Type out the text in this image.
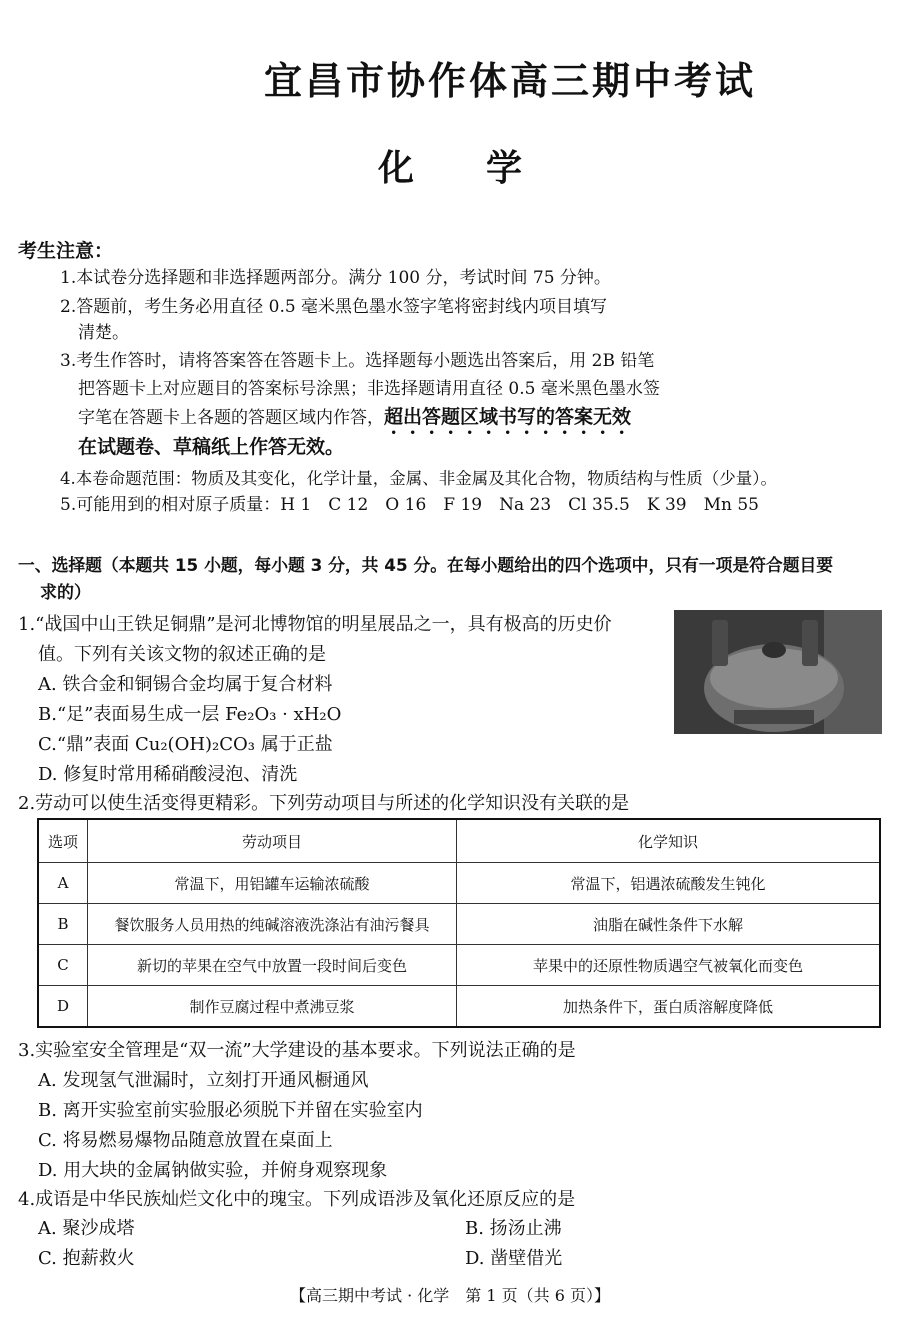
宜昌市协作体高三期中考试
化 学
考生注意：
1.本试卷分选择题和非选择题两部分。满分 100 分，考试时间 75 分钟。
2.答题前，考生务必用直径 0.5 毫米黑色墨水签字笔将密封线内项目填写
清楚。
3.考生作答时，请将答案答在答题卡上。选择题每小题选出答案后，用 2B 铅笔
把答题卡上对应题目的答案标号涂黑；非选择题请用直径 0.5 毫米黑色墨水签
字笔在答题卡上各题的答题区域内作答，超出答题区域书写的答案无效
在试题卷、草稿纸上作答无效。
4.本卷命题范围：物质及其变化，化学计量，金属、非金属及其化合物，物质结构与性质（少量）。
5.可能用到的相对原子质量：H 1　C 12　O 16　F 19　Na 23　Cl 35.5　K 39　Mn 55
一、选择题（本题共 15 小题，每小题 3 分，共 45 分。在每小题给出的四个选项中，只有一项是符合题目要
求的）
1.“战国中山王铁足铜鼎”是河北博物馆的明星展品之一，具有极高的历史价
值。下列有关该文物的叙述正确的是
A. 铁合金和铜锡合金均属于复合材料
B.“足”表面易生成一层 Fe₂O₃ · xH₂O
C.“鼎”表面 Cu₂(OH)₂CO₃ 属于正盐
D. 修复时常用稀硝酸浸泡、清洗
2.劳动可以使生活变得更精彩。下列劳动项目与所述的化学知识没有关联的是
选项	劳动项目	化学知识
A	常温下，用铝罐车运输浓硫酸	常温下，铝遇浓硫酸发生钝化
B	餐饮服务人员用热的纯碱溶液洗涤沾有油污餐具	油脂在碱性条件下水解
C	新切的苹果在空气中放置一段时间后变色	苹果中的还原性物质遇空气被氧化而变色
D	制作豆腐过程中煮沸豆浆	加热条件下，蛋白质溶解度降低
3.实验室安全管理是“双一流”大学建设的基本要求。下列说法正确的是
A. 发现氢气泄漏时，立刻打开通风橱通风
B. 离开实验室前实验服必须脱下并留在实验室内
C. 将易燃易爆物品随意放置在桌面上
D. 用大块的金属钠做实验，并俯身观察现象
4.成语是中华民族灿烂文化中的瑰宝。下列成语涉及氧化还原反应的是
A. 聚沙成塔	B. 扬汤止沸
C. 抱薪救火	D. 凿壁借光
【高三期中考试 · 化学　第 1 页（共 6 页）】
